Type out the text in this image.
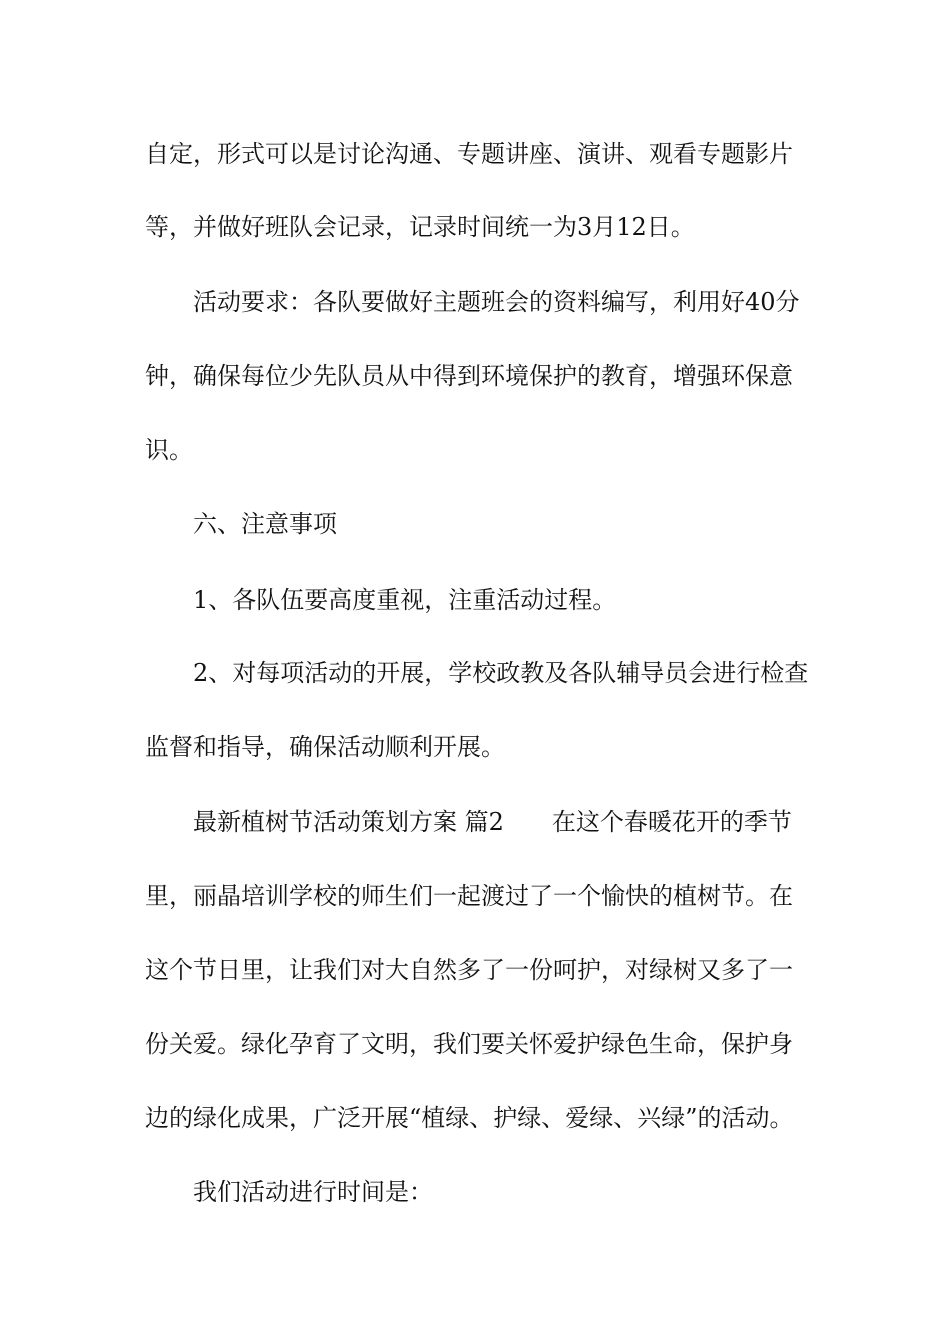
自定，形式可以是讨论沟通、专题讲座、演讲、观看专题影片
等，并做好班队会记录，记录时间统一为3月12日。
活动要求：各队要做好主题班会的资料编写，利用好40分
钟，确保每位少先队员从中得到环境保护的教育，增强环保意
识。
六、注意事项
1、各队伍要高度重视，注重活动过程。
2、对每项活动的开展，学校政教及各队辅导员会进行检查
监督和指导，确保活动顺利开展。
最新植树节活动策划方案 篇2 在这个春暖花开的季节
里，丽晶培训学校的师生们一起渡过了一个愉快的植树节。在
这个节日里，让我们对大自然多了一份呵护，对绿树又多了一
份关爱。绿化孕育了文明，我们要关怀爱护绿色生命，保护身
边的绿化成果，广泛开展“植绿、护绿、爱绿、兴绿”的活动。
我们活动进行时间是：
